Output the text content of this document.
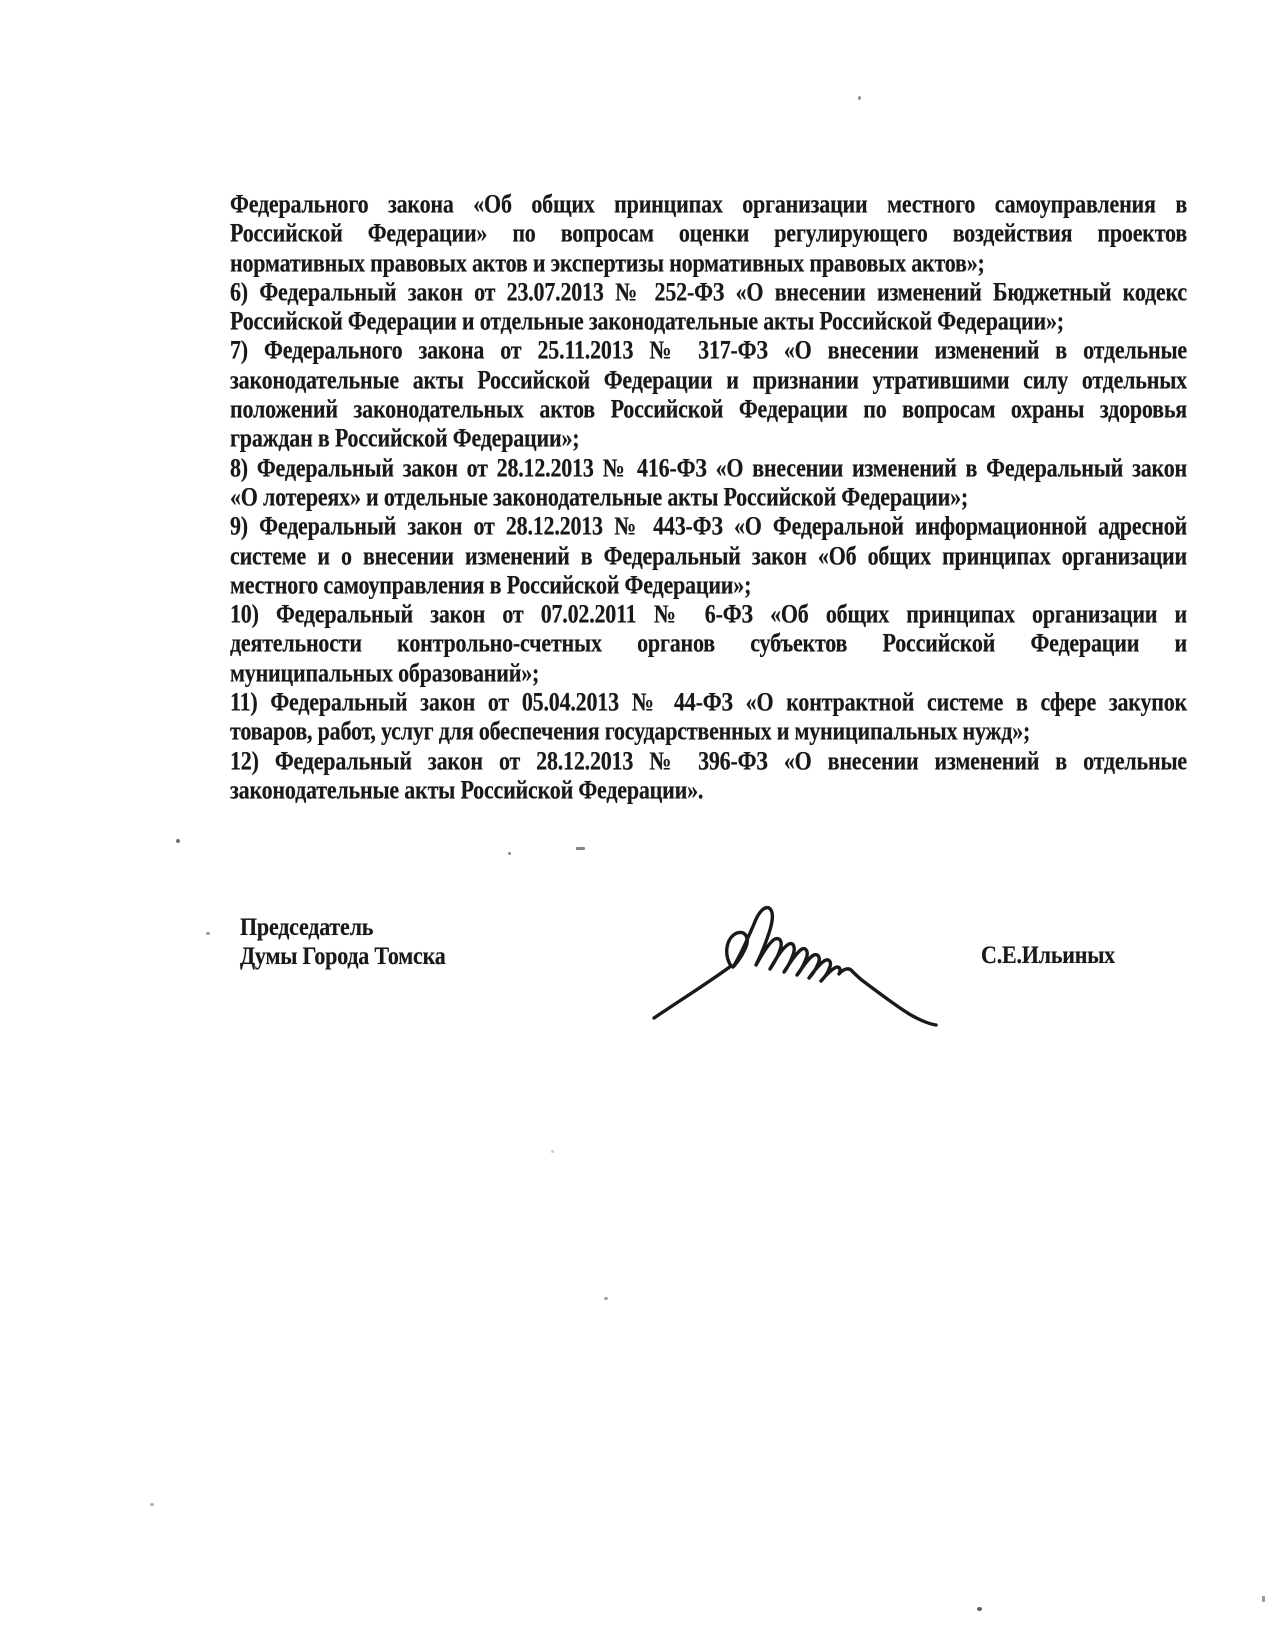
Федерального закона «Об общих принципах организации местного самоуправления в
Российской Федерации» по вопросам оценки регулирующего воздействия проектов
нормативных правовых актов и экспертизы нормативных правовых актов»;

6) Федеральный закон от 23.07.2013 № 252-ФЗ «О внесении изменений Бюджетный кодекс
Российской Федерации и отдельные законодательные акты Российской Федерации»;

7) Федерального закона от 25.11.2013 № 317-ФЗ «О внесении изменений в отдельные
законодательные акты Российской Федерации и признании утратившими силу отдельных
положений законодательных актов Российской Федерации по вопросам охраны здоровья
граждан в Российской Федерации»;

8) Федеральный закон от 28.12.2013 № 416-ФЗ «О внесении изменений в Федеральный закон
«О лотереях» и отдельные законодательные акты Российской Федерации»;

9) Федеральный закон от 28.12.2013 № 443-ФЗ «О Федеральной информационной адресной
системе и о внесении изменений в Федеральный закон «Об общих принципах организации
местного самоуправления в Российской Федерации»;

10) Федеральный закон от 07.02.2011 № 6-ФЗ «Об общих принципах организации и
деятельности контрольно-счетных органов субъектов Российской Федерации и
муниципальных образований»;

11) Федеральный закон от 05.04.2013 № 44-ФЗ «О контрактной системе в сфере закупок
товаров, работ, услуг для обеспечения государственных и муниципальных нужд»;

12) Федеральный закон от 28.12.2013 № 396-ФЗ «О внесении изменений в отдельные
законодательные акты Российской Федерации».

Председатель
Думы Города Томска	С.Е.Ильиных
